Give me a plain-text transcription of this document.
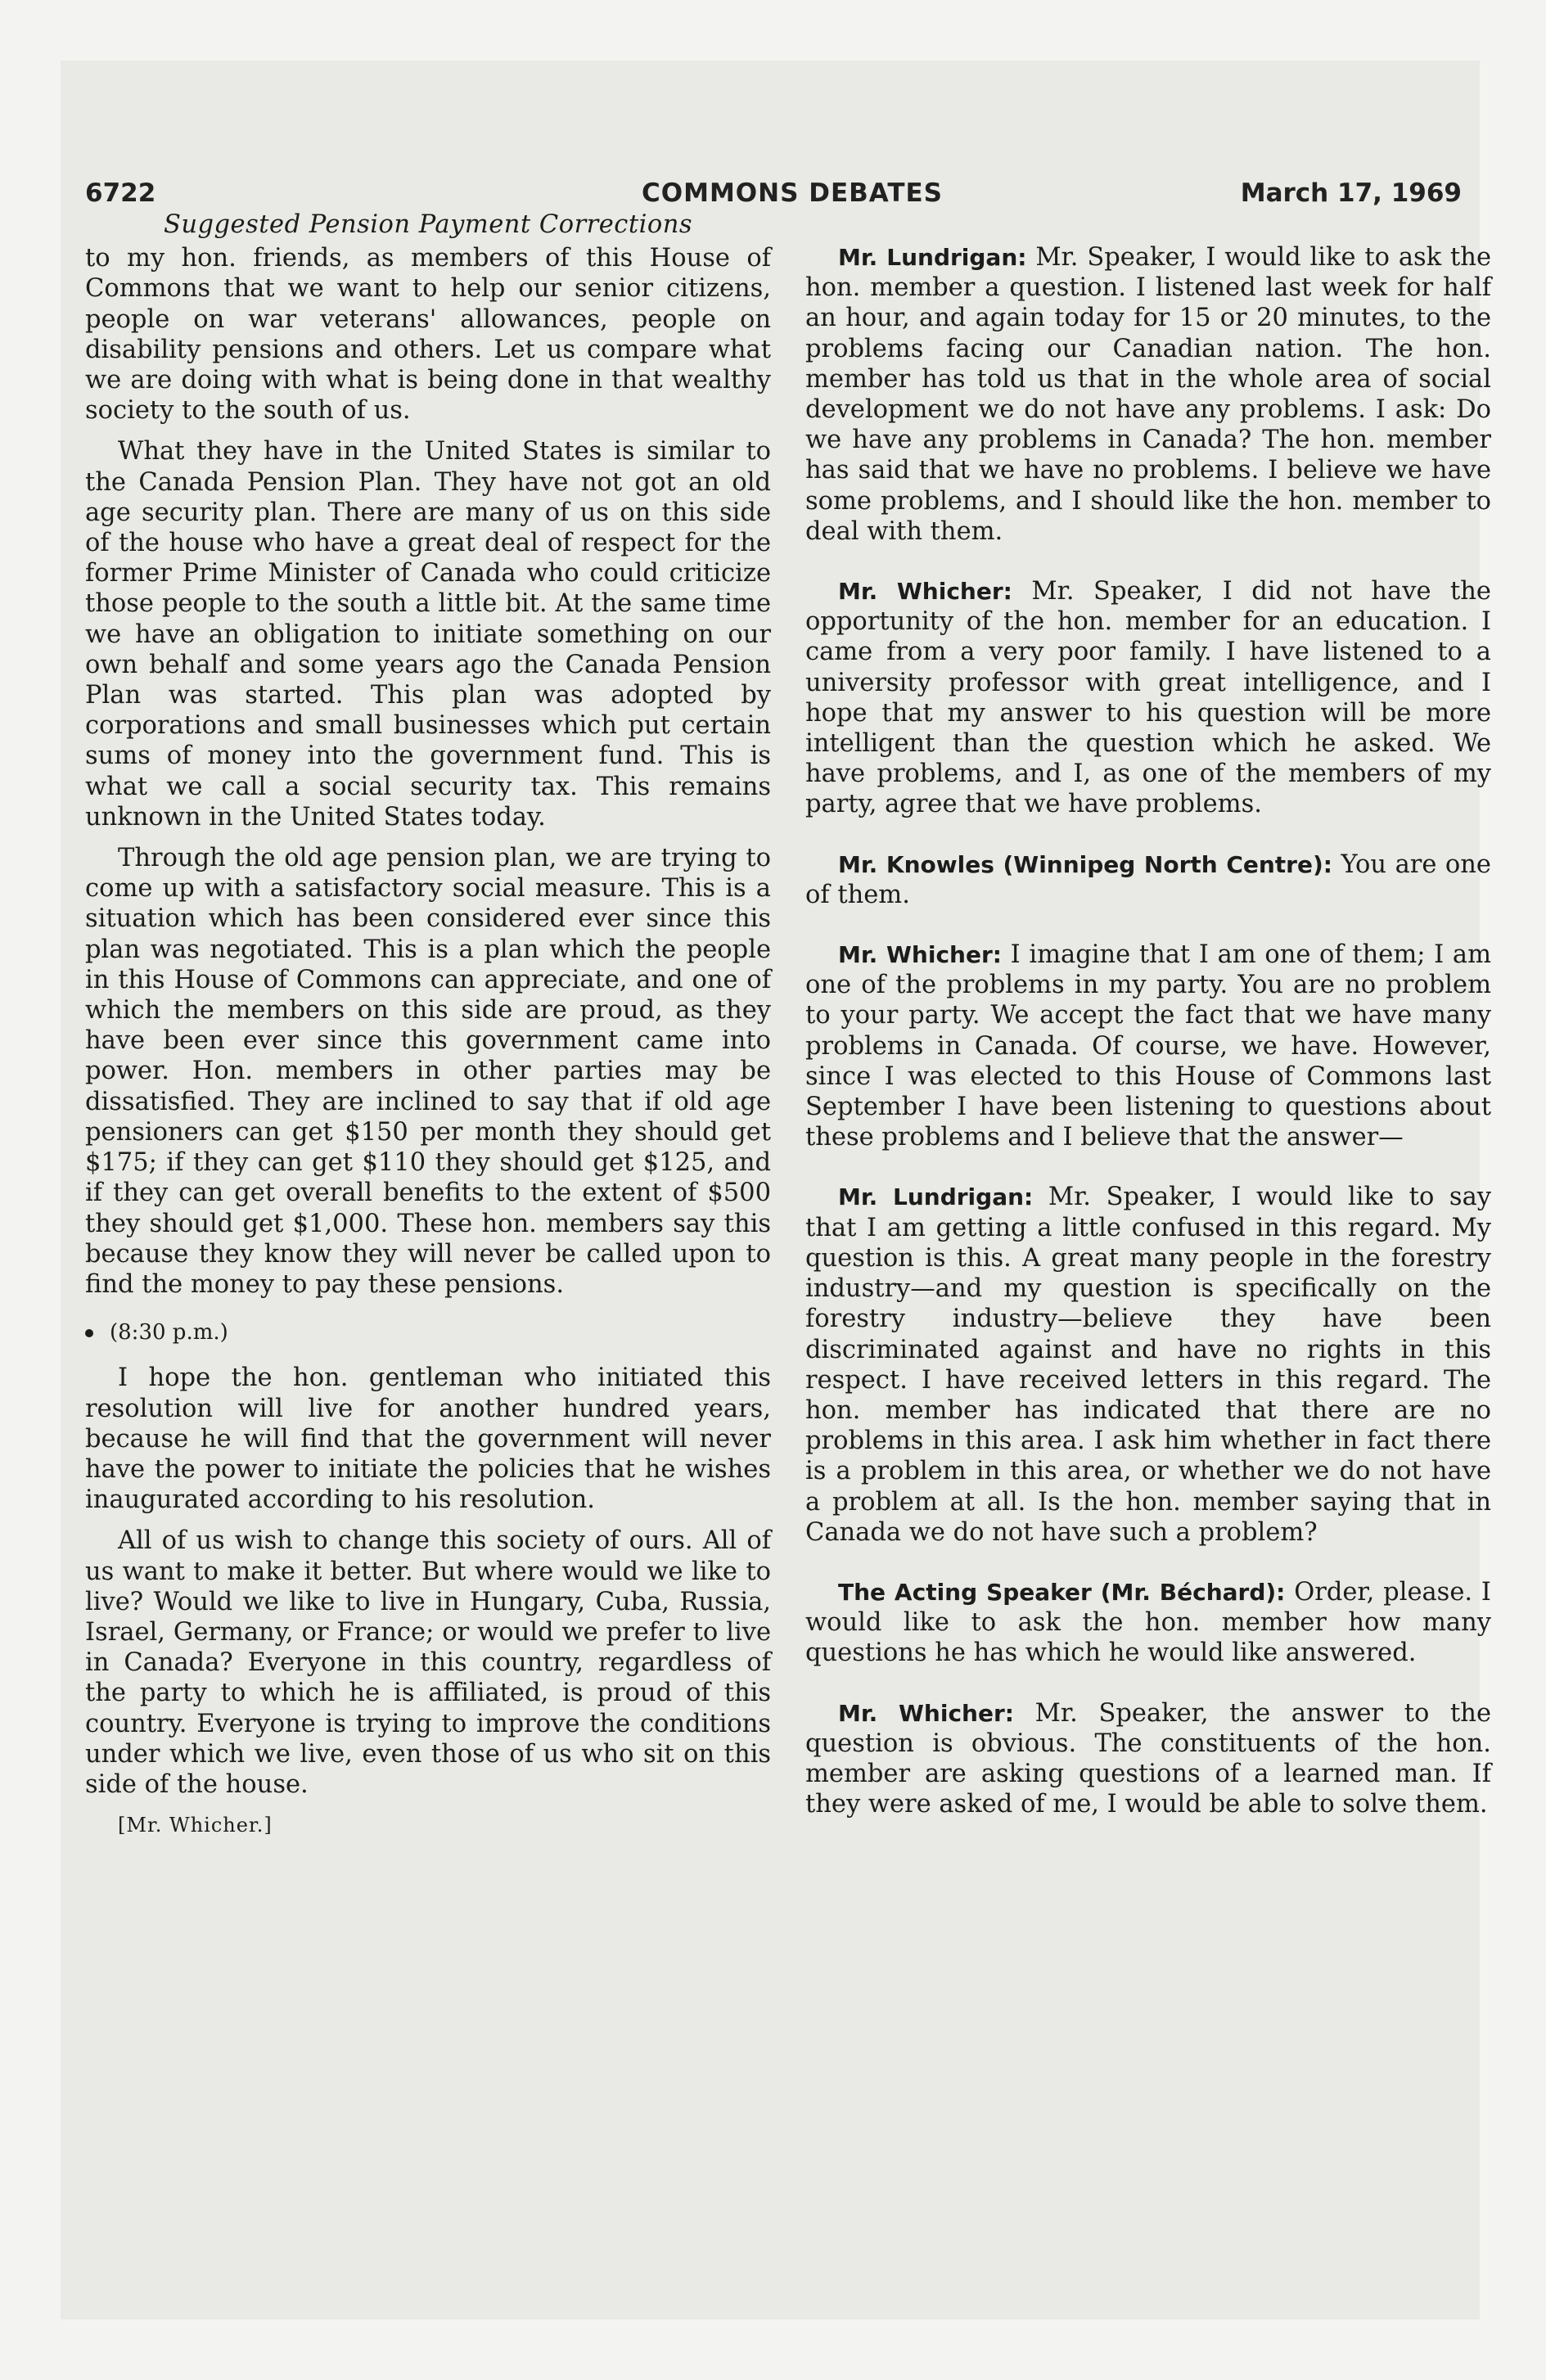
6722	COMMONS DEBATES	March 17, 1969
Suggested Pension Payment Corrections

to my hon. friends, as members of this House of Commons that we want to help our senior citizens, people on war veterans' allowances, people on disability pensions and others. Let us compare what we are doing with what is being done in that wealthy society to the south of us.

What they have in the United States is similar to the Canada Pension Plan. They have not got an old age security plan. There are many of us on this side of the house who have a great deal of respect for the former Prime Minister of Canada who could criticize those people to the south a little bit. At the same time we have an obligation to initiate something on our own behalf and some years ago the Canada Pension Plan was started. This plan was adopted by corporations and small businesses which put certain sums of money into the government fund. This is what we call a social security tax. This remains unknown in the United States today.

Through the old age pension plan, we are trying to come up with a satisfactory social measure. This is a situation which has been considered ever since this plan was negotiated. This is a plan which the people in this House of Commons can appreciate, and one of which the members on this side are proud, as they have been ever since this government came into power. Hon. members in other parties may be dissatisfied. They are inclined to say that if old age pensioners can get $150 per month they should get $175; if they can get $110 they should get $125, and if they can get overall benefits to the extent of $500 they should get $1,000. These hon. members say this because they know they will never be called upon to find the money to pay these pensions.

(8:30 p.m.)

I hope the hon. gentleman who initiated this resolution will live for another hundred years, because he will find that the government will never have the power to initiate the policies that he wishes inaugurated according to his resolution.

All of us wish to change this society of ours. All of us want to make it better. But where would we like to live? Would we like to live in Hungary, Cuba, Russia, Israel, Germany, or France; or would we prefer to live in Canada? Everyone in this country, regardless of the party to which he is affiliated, is proud of this country. Everyone is trying to improve the conditions under which we live, even those of us who sit on this side of the house.

[Mr. Whicher.]

Mr. Lundrigan: Mr. Speaker, I would like to ask the hon. member a question. I listened last week for half an hour, and again today for 15 or 20 minutes, to the problems facing our Canadian nation. The hon. member has told us that in the whole area of social development we do not have any problems. I ask: Do we have any problems in Canada? The hon. member has said that we have no problems. I believe we have some problems, and I should like the hon. member to deal with them.

Mr. Whicher: Mr. Speaker, I did not have the opportunity of the hon. member for an education. I came from a very poor family. I have listened to a university professor with great intelligence, and I hope that my answer to his question will be more intelligent than the question which he asked. We have problems, and I, as one of the members of my party, agree that we have problems.

Mr. Knowles (Winnipeg North Centre): You are one of them.

Mr. Whicher: I imagine that I am one of them; I am one of the problems in my party. You are no problem to your party. We accept the fact that we have many problems in Canada. Of course, we have. However, since I was elected to this House of Commons last September I have been listening to questions about these problems and I believe that the answer—

Mr. Lundrigan: Mr. Speaker, I would like to say that I am getting a little confused in this regard. My question is this. A great many people in the forestry industry—and my question is specifically on the forestry industry—believe they have been discriminated against and have no rights in this respect. I have received letters in this regard. The hon. member has indicated that there are no problems in this area. I ask him whether in fact there is a problem in this area, or whether we do not have a problem at all. Is the hon. member saying that in Canada we do not have such a problem?

The Acting Speaker (Mr. Béchard): Order, please. I would like to ask the hon. member how many questions he has which he would like answered.

Mr. Whicher: Mr. Speaker, the answer to the question is obvious. The constituents of the hon. member are asking questions of a learned man. If they were asked of me, I would be able to solve them.
